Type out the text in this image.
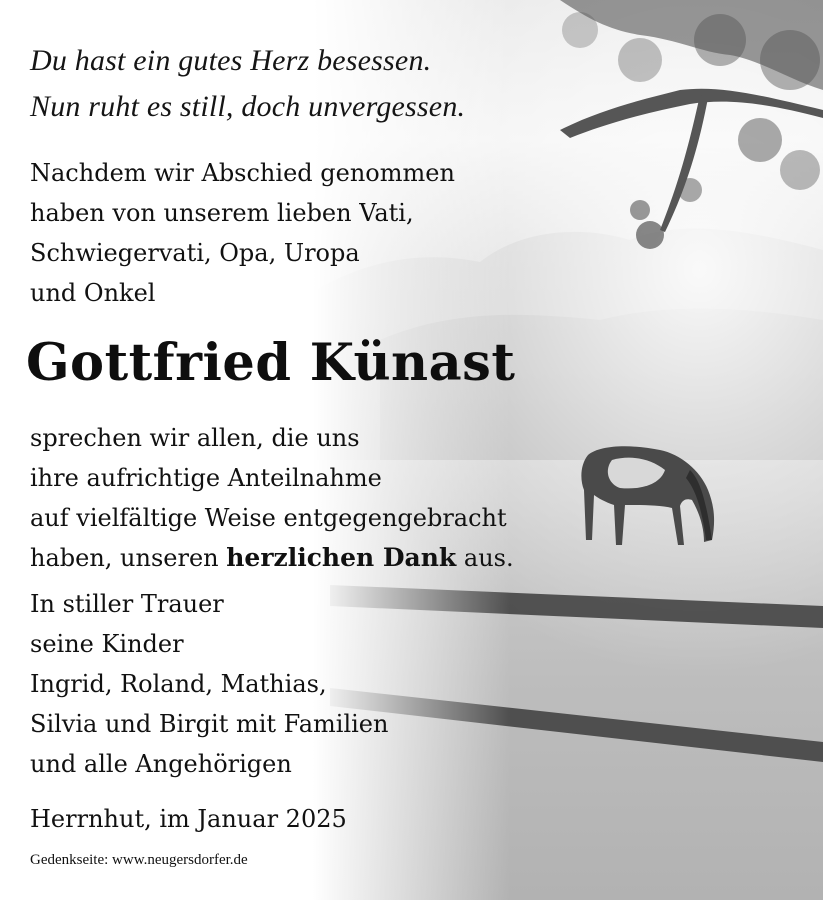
Du hast ein gutes Herz besessen.
Nun ruht es still, doch unvergessen.
Nachdem wir Abschied genommen
haben von unserem lieben Vati,
Schwiegervati, Opa, Uropa
und Onkel
Gottfried Künast
sprechen wir allen, die uns
ihre aufrichtige Anteilnahme
auf vielfältige Weise entgegengebracht
haben, unseren herzlichen Dank aus.
In stiller Trauer
seine Kinder
Ingrid, Roland, Mathias,
Silvia und Birgit mit Familien
und alle Angehörigen
Herrnhut, im Januar 2025
Gedenkseite: www.neugersdorfer.de
